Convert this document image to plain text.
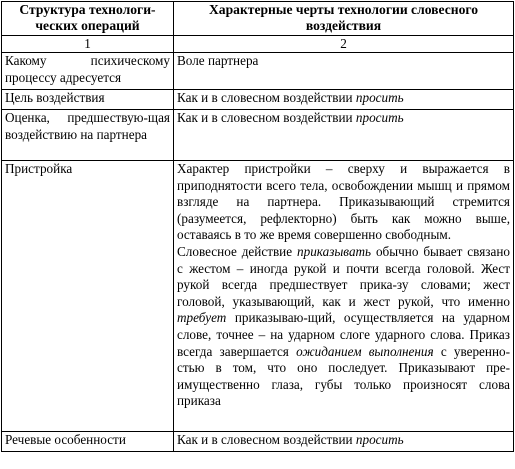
Структура технологи-ческих операций	Характерные черты технологии словесного воздействия
1	2
Какому психическому процессу адресуется	Воле партнера
Цель воздействия	Как и в словесном воздействии просить
Оценка, предшествую-щая воздействию на партнера	Как и в словесном воздействии просить
Пристройка	Характер пристройки – сверху и выражается в приподнятости всего тела, освобождении мышц и прямом взгляде на партнера. Приказывающий стремится (разумеется, рефлекторно) быть как можно выше, оставаясь в то же время совершенно свободным.

Словесное действие приказывать обычно бывает связано с жестом – иногда рукой и почти всегда головой. Жест рукой всегда предшествует прика-зу словами; жест головой, указывающий, как и жест рукой, что именно требует приказываю-щий, осуществляется на ударном слове, точнее – на ударном слоге ударного слова. Приказ всегда завершается ожиданием выполнения с уверенно-стью в том, что оно последует. Приказывают пре-имущественно глаза, губы только произносят слова приказа

Речевые особенности	Как и в словесном воздействии просить
